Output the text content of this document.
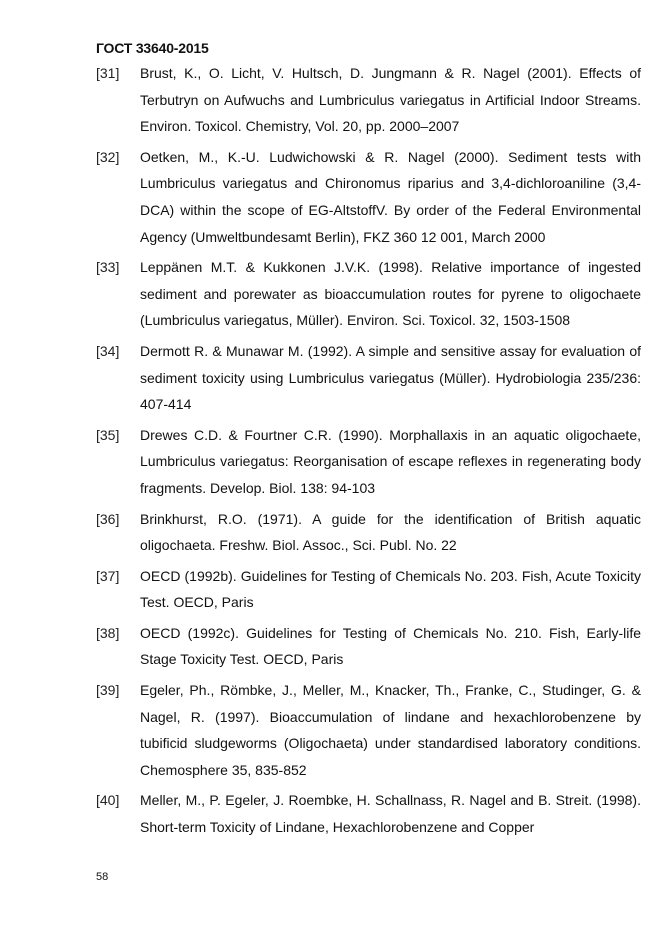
ГОСТ 33640-2015
[31] Brust, K., O. Licht, V. Hultsch, D. Jungmann & R. Nagel (2001). Effects of Terbutryn on Aufwuchs and Lumbriculus variegatus in Artificial Indoor Streams. Environ. Toxicol. Chemistry, Vol. 20, pp. 2000–2007
[32] Oetken, M., K.-U. Ludwichowski & R. Nagel (2000). Sediment tests with Lumbriculus variegatus and Chironomus riparius and 3,4-dichloroaniline (3,4-DCA) within the scope of EG-AltstoffV. By order of the Federal Environmental Agency (Umweltbundesamt Berlin), FKZ 360 12 001, March 2000
[33] Leppänen M.T. & Kukkonen J.V.K. (1998). Relative importance of ingested sediment and porewater as bioaccumulation routes for pyrene to oligochaete (Lumbriculus variegatus, Müller). Environ. Sci. Toxicol. 32, 1503-1508
[34] Dermott R. & Munawar M. (1992). A simple and sensitive assay for evaluation of sediment toxicity using Lumbriculus variegatus (Müller). Hydrobiologia 235/236: 407-414
[35] Drewes C.D. & Fourtner C.R. (1990). Morphallaxis in an aquatic oligochaete, Lumbriculus variegatus: Reorganisation of escape reflexes in regenerating body fragments. Develop. Biol. 138: 94-103
[36] Brinkhurst, R.O. (1971). A guide for the identification of British aquatic oligochaeta. Freshw. Biol. Assoc., Sci. Publ. No. 22
[37] OECD (1992b). Guidelines for Testing of Chemicals No. 203. Fish, Acute Toxicity Test. OECD, Paris
[38] OECD (1992c). Guidelines for Testing of Chemicals No. 210. Fish, Early-life Stage Toxicity Test. OECD, Paris
[39] Egeler, Ph., Römbke, J., Meller, M., Knacker, Th., Franke, C., Studinger, G. & Nagel, R. (1997). Bioaccumulation of lindane and hexachlorobenzene by tubificid sludgeworms (Oligochaeta) under standardised laboratory conditions. Chemosphere 35, 835-852
[40] Meller, M., P. Egeler, J. Roembke, H. Schallnass, R. Nagel and B. Streit. (1998). Short-term Toxicity of Lindane, Hexachlorobenzene and Copper
58
